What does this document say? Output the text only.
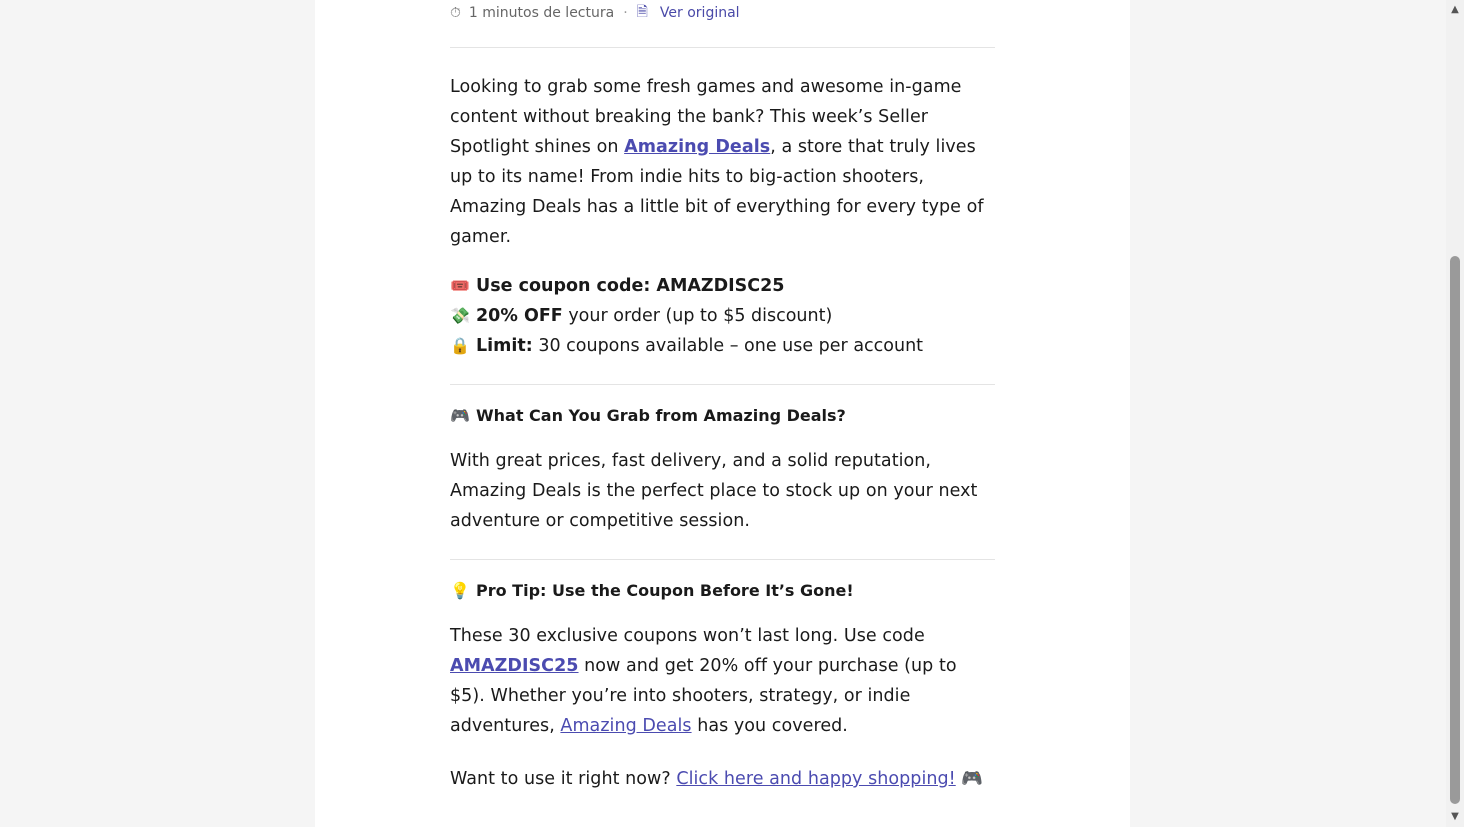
⏱ 1 minutos de lectura · 🗎 Ver original

Looking to grab some fresh games and awesome in-game content without breaking the bank? This week’s Seller Spotlight shines on Amazing Deals, a store that truly lives up to its name! From indie hits to big-action shooters, Amazing Deals has a little bit of everything for every type of gamer.

🎟️ Use coupon code: AMAZDISC25
💸 20% OFF your order (up to $5 discount)
🔒 Limit: 30 coupons available – one use per account
🎮 What Can You Grab from Amazing Deals?

With great prices, fast delivery, and a solid reputation, Amazing Deals is the perfect place to stock up on your next adventure or competitive session.

💡 Pro Tip: Use the Coupon Before It’s Gone!

These 30 exclusive coupons won’t last long. Use code AMAZDISC25 now and get 20% off your purchase (up to $5). Whether you’re into shooters, strategy, or indie adventures, Amazing Deals has you covered.

Want to use it right now? Click here and happy shopping! 🎮

▲
▼
